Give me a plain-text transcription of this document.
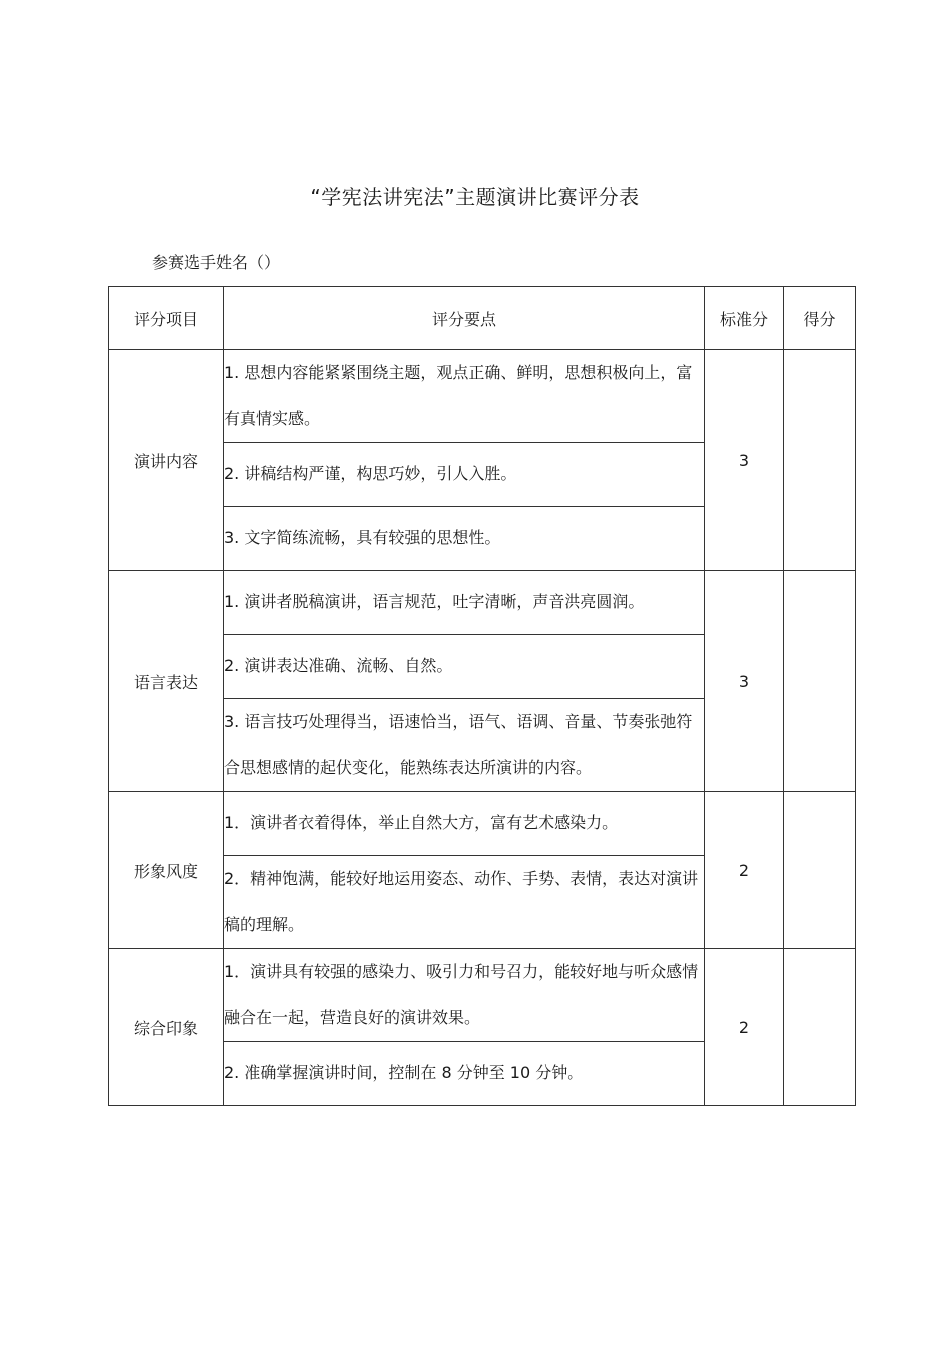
“学宪法讲宪法”主题演讲比赛评分表
参赛选手姓名（）
评分项目	评分要点	标准分	得分
演讲内容	1. 思想内容能紧紧围绕主题，观点正确、鲜明，思想积极向上，富有真情实感。	3	
	2. 讲稿结构严谨，构思巧妙，引人入胜。		
	3. 文字简练流畅，具有较强的思想性。		
语言表达	1. 演讲者脱稿演讲，语言规范，吐字清晰，声音洪亮圆润。	3	
	2. 演讲表达准确、流畅、自然。		
	3. 语言技巧处理得当，语速恰当，语气、语调、音量、节奏张弛符合思想感情的起伏变化，能熟练表达所演讲的内容。		
形象风度	1．演讲者衣着得体，举止自然大方，富有艺术感染力。	2	
	2．精神饱满，能较好地运用姿态、动作、手势、表情，表达对演讲稿的理解。		
综合印象	1．演讲具有较强的感染力、吸引力和号召力，能较好地与听众感情融合在一起，营造良好的演讲效果。	2	
	2. 准确掌握演讲时间，控制在 8 分钟至 10 分钟。		
